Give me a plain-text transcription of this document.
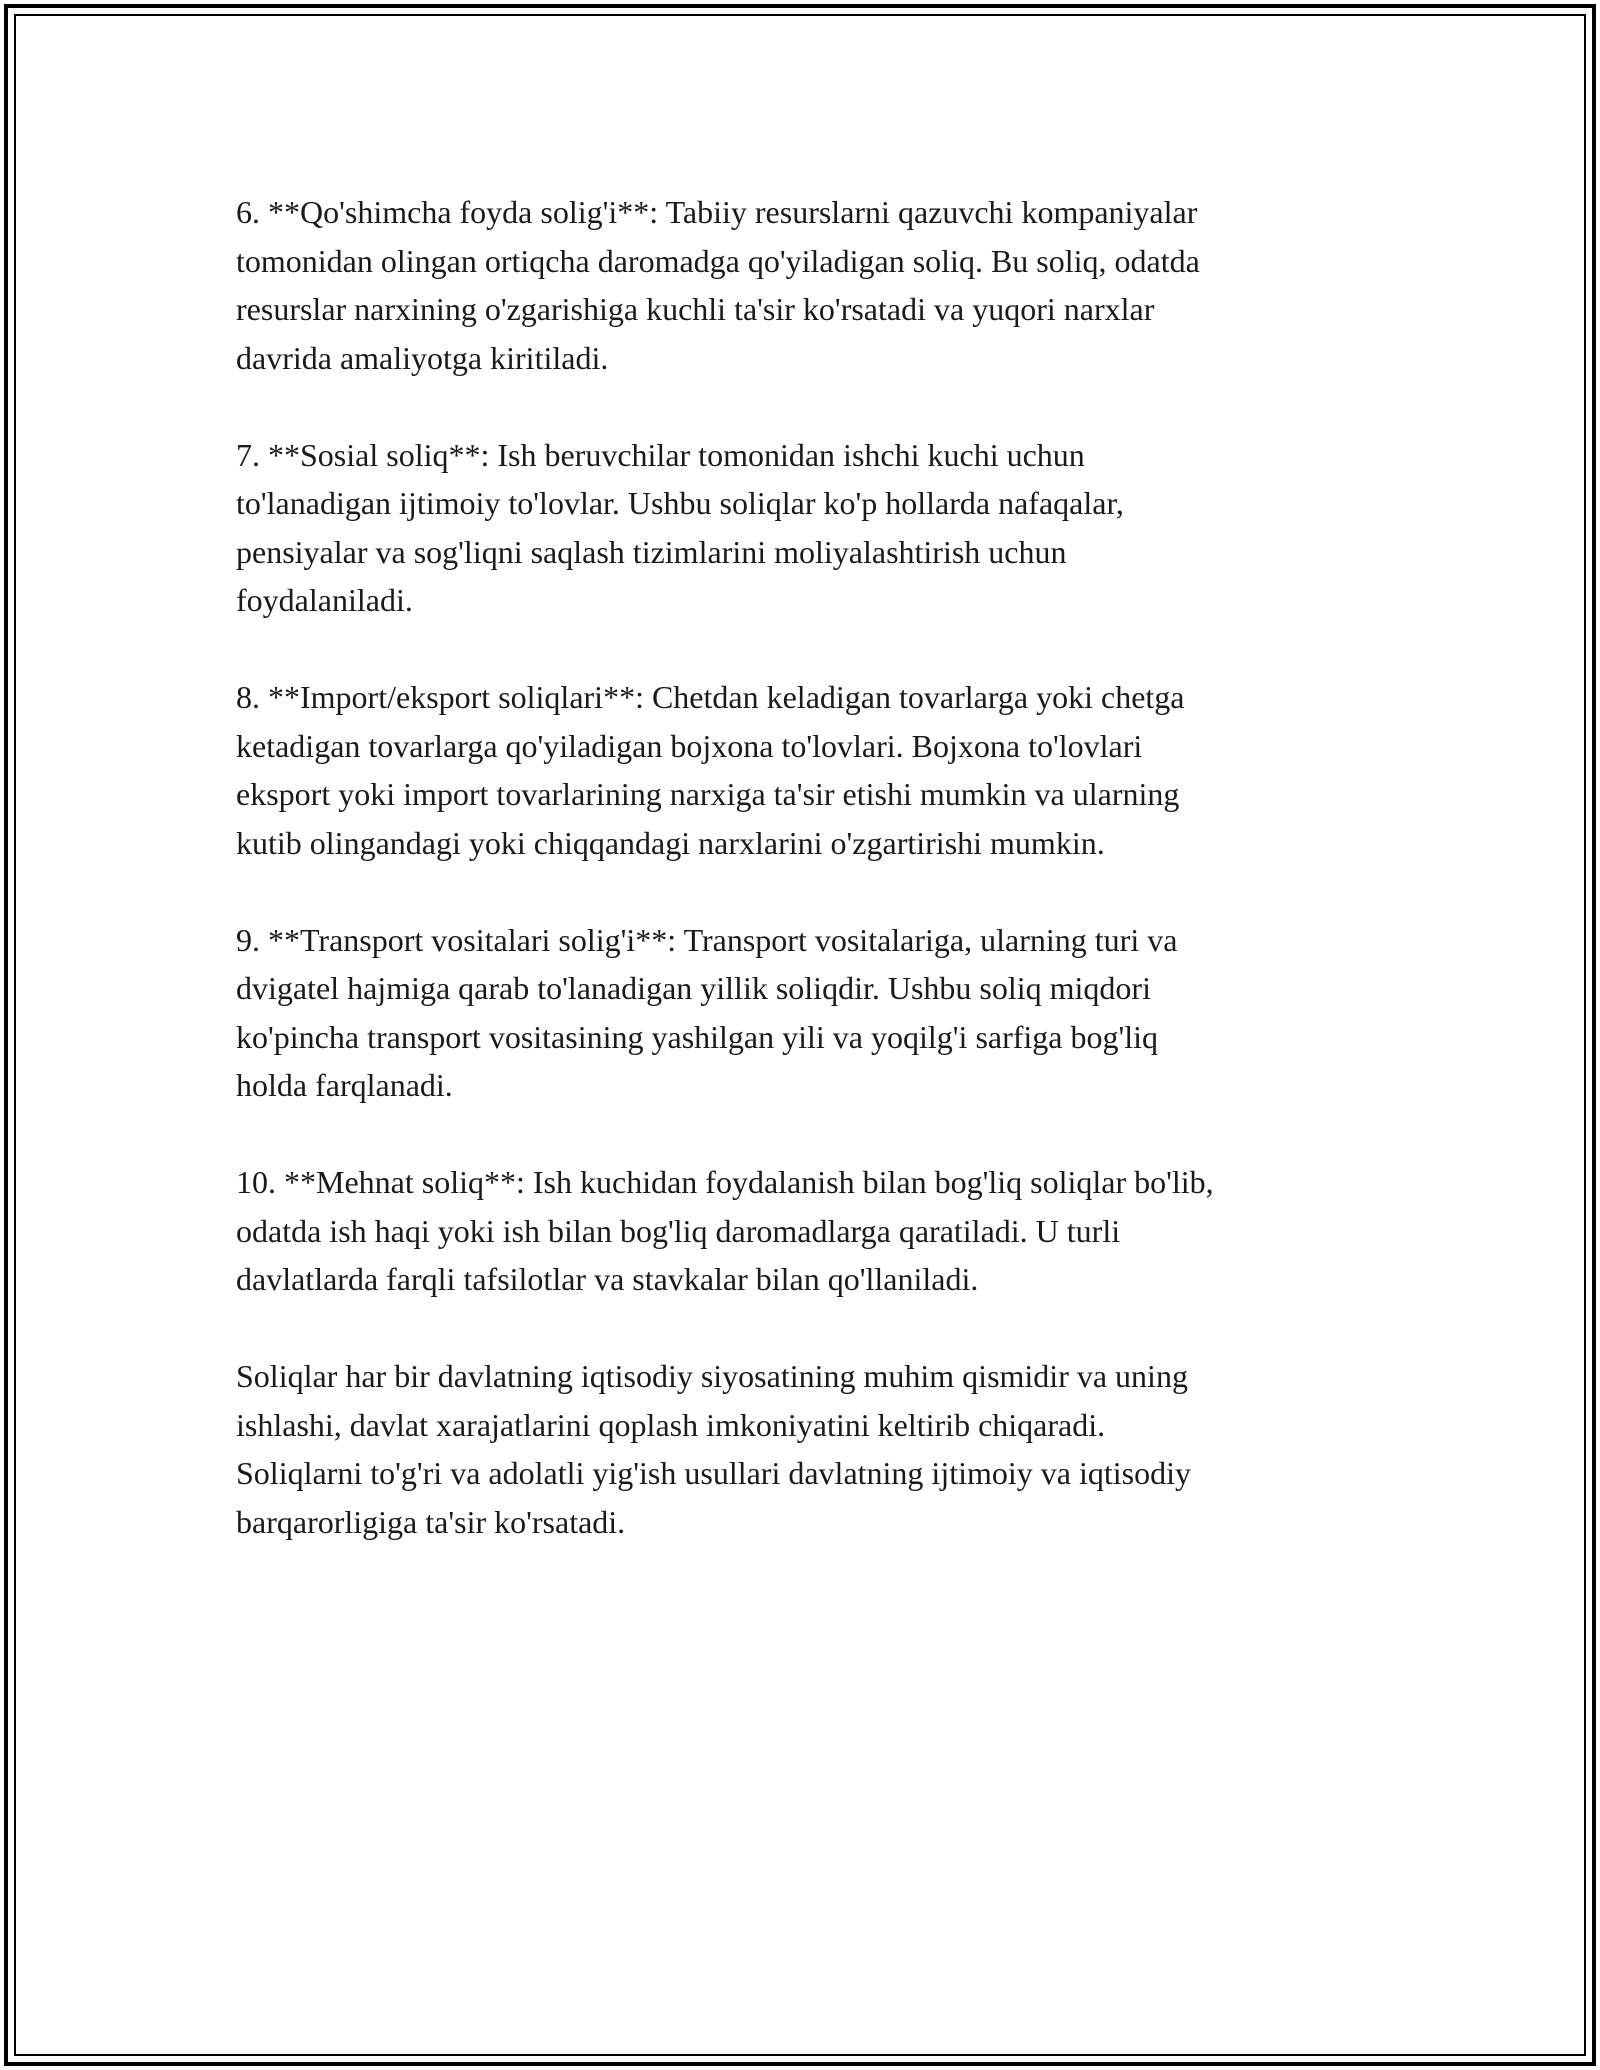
6. **Qo'shimcha foyda solig'i**: Tabiiy resurslarni qazuvchi kompaniyalar
tomonidan olingan ortiqcha daromadga qo'yiladigan soliq. Bu soliq, odatda
resurslar narxining o'zgarishiga kuchli ta'sir ko'rsatadi va yuqori narxlar
davrida amaliyotga kiritiladi.

7. **Sosial soliq**: Ish beruvchilar tomonidan ishchi kuchi uchun
to'lanadigan ijtimoiy to'lovlar. Ushbu soliqlar ko'p hollarda nafaqalar,
pensiyalar va sog'liqni saqlash tizimlarini moliyalashtirish uchun
foydalaniladi.

8. **Import/eksport soliqlari**: Chetdan keladigan tovarlarga yoki chetga
ketadigan tovarlarga qo'yiladigan bojxona to'lovlari. Bojxona to'lovlari
eksport yoki import tovarlarining narxiga ta'sir etishi mumkin va ularning
kutib olingandagi yoki chiqqandagi narxlarini o'zgartirishi mumkin.

9. **Transport vositalari solig'i**: Transport vositalariga, ularning turi va
dvigatel hajmiga qarab to'lanadigan yillik soliqdir. Ushbu soliq miqdori
ko'pincha transport vositasining yashilgan yili va yoqilg'i sarfiga bog'liq
holda farqlanadi.

10. **Mehnat soliq**: Ish kuchidan foydalanish bilan bog'liq soliqlar bo'lib,
odatda ish haqi yoki ish bilan bog'liq daromadlarga qaratiladi. U turli
davlatlarda farqli tafsilotlar va stavkalar bilan qo'llaniladi.

Soliqlar har bir davlatning iqtisodiy siyosatining muhim qismidir va uning
ishlashi, davlat xarajatlarini qoplash imkoniyatini keltirib chiqaradi.
Soliqlarni to'g'ri va adolatli yig'ish usullari davlatning ijtimoiy va iqtisodiy
barqarorligiga ta'sir ko'rsatadi.
